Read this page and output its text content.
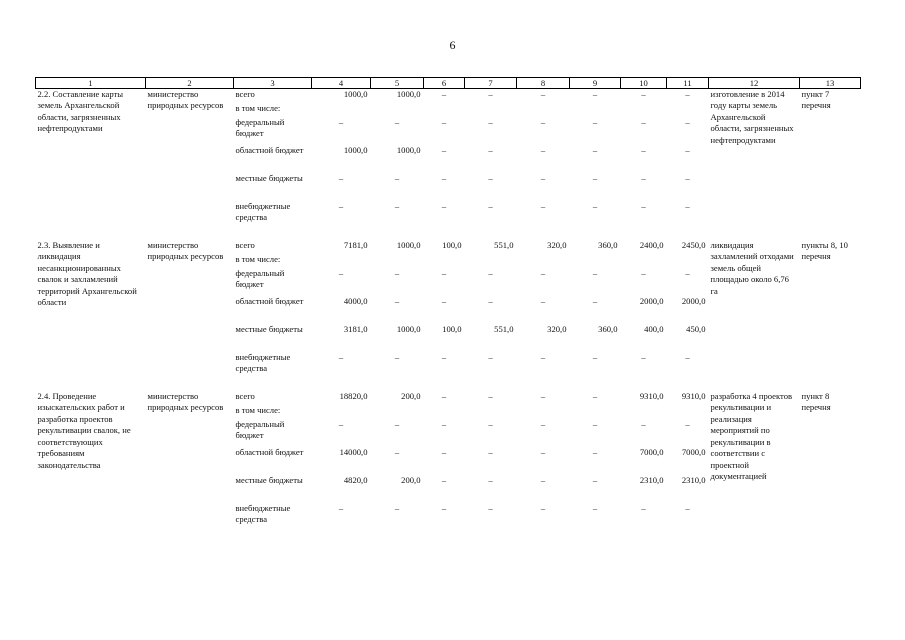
6
1	2	3	4	5	6	7	8	9	10	11	12	13
2.2. Составление карты земель Архангельской области, загрязненных нефтепродуктами	министерство природных ресурсов	всего	1000,0	1000,0	–	–	–	–	–	–	изготовление в 2014 году карты земель Архангельской области, загрязненных нефтепродуктами	пункт 7 перечня
		в том числе:										
		федеральный бюджет	–	–	–	–	–	–	–	–		
		областной бюджет	1000,0	1000,0	–	–	–	–	–	–		
		местные бюджеты	–	–	–	–	–	–	–	–		
		внебюджетные средства	–	–	–	–	–	–	–	–		

2.3. Выявление и ликвидация несанкционированных свалок и захламлений территорий Архангельской области	министерство природных ресурсов	всего	7181,0	1000,0	100,0	551,0	320,0	360,0	2400,0	2450,0	ликвидация захламлений отходами земель общей площадью около 6,76 га	пункты 8, 10 перечня
		в том числе:										
		федеральный бюджет	–	–	–	–	–	–	–	–		
		областной бюджет	4000,0	–	–	–	–	–	2000,0	2000,0		
		местные бюджеты	3181,0	1000,0	100,0	551,0	320,0	360,0	400,0	450,0		
		внебюджетные средства	–	–	–	–	–	–	–	–		

2.4. Проведение изыскательских работ и разработка проектов рекультивации свалок, не соответствующих требованиям законодательства	министерство природных ресурсов	всего	18820,0	200,0	–	–	–	–	9310,0	9310,0	разработка 4 проектов рекультивации и реализация мероприятий по рекультивации в соответствии с проектной документацией	пункт 8 перечня
		в том числе:										
		федеральный бюджет	–	–	–	–	–	–	–	–		
		областной бюджет	14000,0	–	–	–	–	–	7000,0	7000,0		
		местные бюджеты	4820,0	200,0	–	–	–	–	2310,0	2310,0		
		внебюджетные средства	–	–	–	–	–	–	–	–		
